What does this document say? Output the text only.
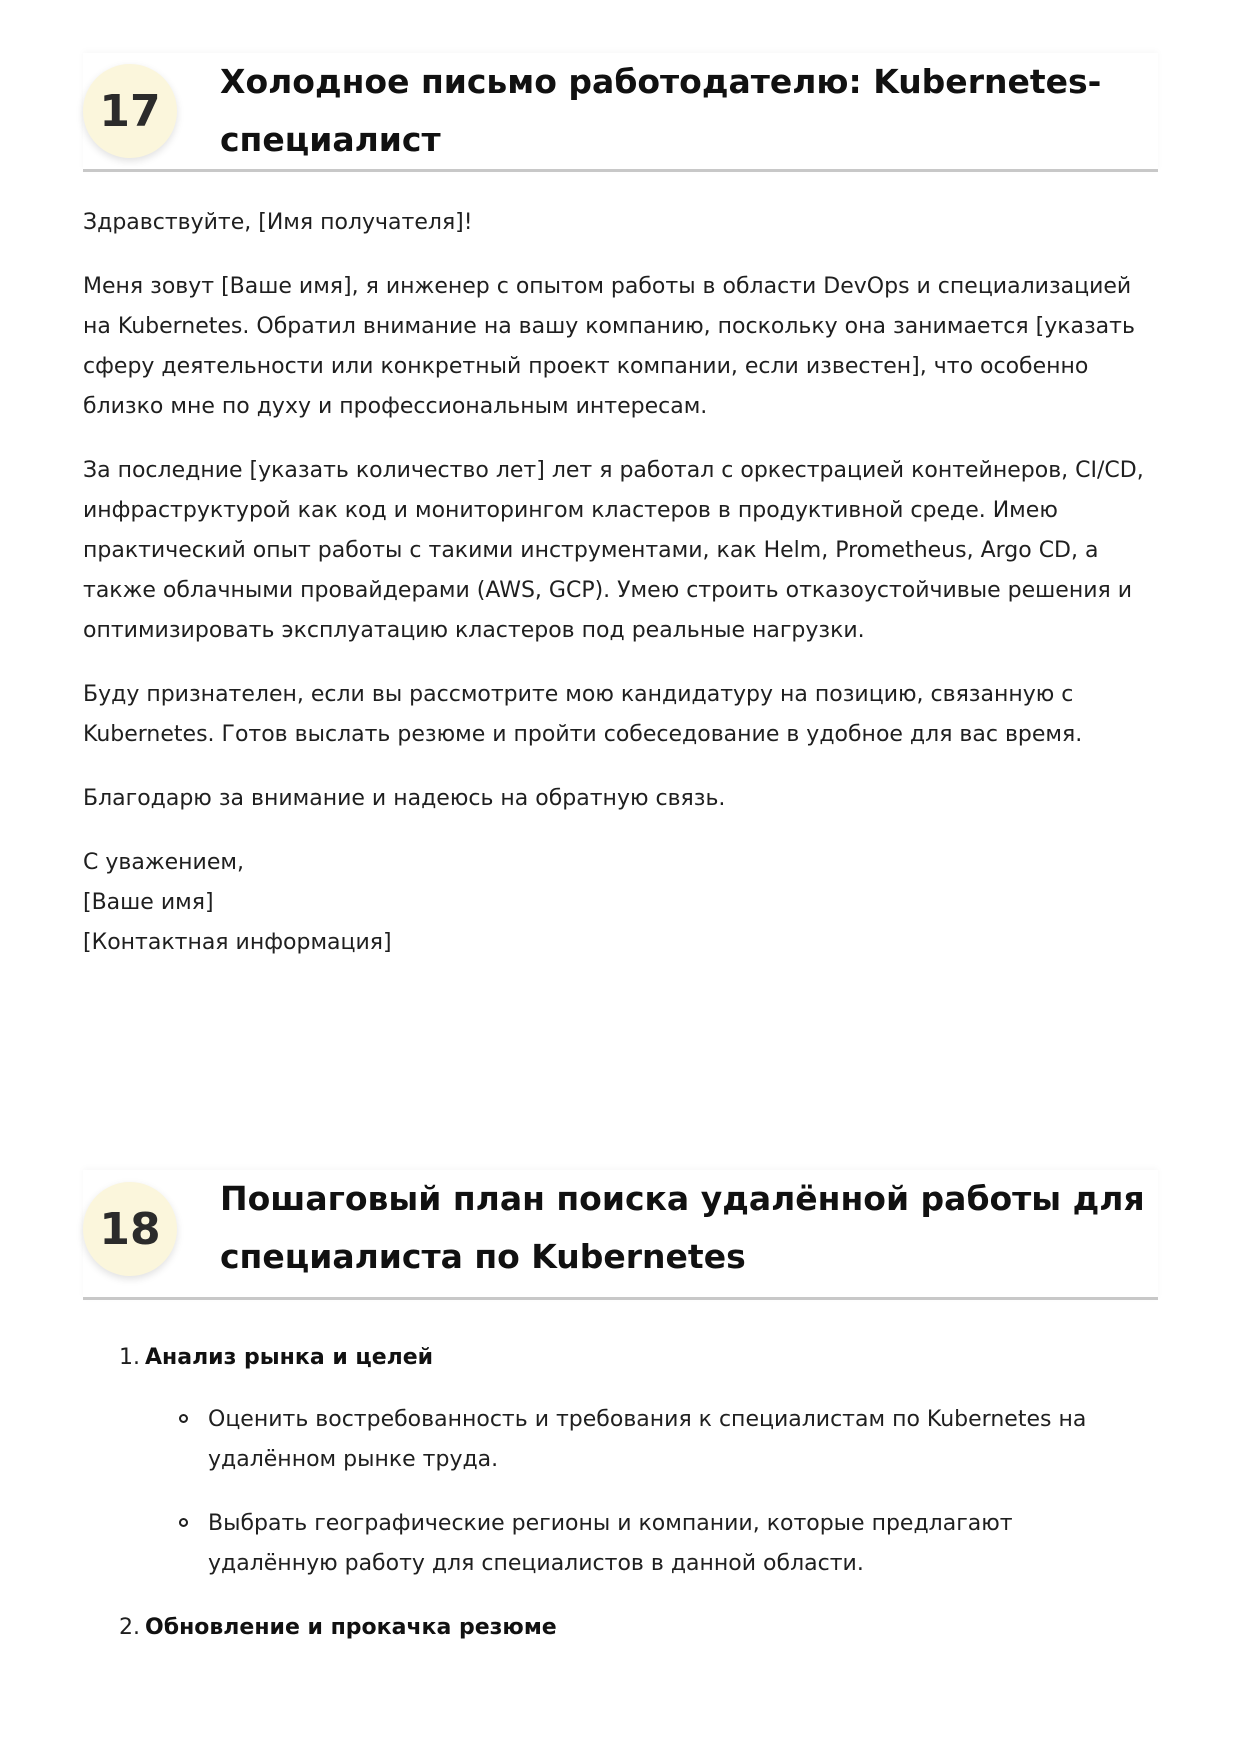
17
Холодное письмо работодателю: Kubernetes-специалист

Здравствуйте, [Имя получателя]!

Меня зовут [Ваше имя], я инженер с опытом работы в области DevOps и специализацией на Kubernetes. Обратил внимание на вашу компанию, поскольку она занимается [указать сферу деятельности или конкретный проект компании, если известен], что особенно близко мне по духу и профессиональным интересам.

За последние [указать количество лет] лет я работал с оркестрацией контейнеров, CI/CD, инфраструктурой как код и мониторингом кластеров в продуктивной среде. Имею практический опыт работы с такими инструментами, как Helm, Prometheus, Argo CD, а также облачными провайдерами (AWS, GCP). Умею строить отказоустойчивые решения и оптимизировать эксплуатацию кластеров под реальные нагрузки.

Буду признателен, если вы рассмотрите мою кандидатуру на позицию, связанную с Kubernetes. Готов выслать резюме и пройти собеседование в удобное для вас время.

Благодарю за внимание и надеюсь на обратную связь.

С уважением,
[Ваше имя]
[Контактная информация]

18
Пошаговый план поиска удалённой работы для специалиста по Kubernetes

1. Анализ рынка и целей

Оценить востребованность и требования к специалистам по Kubernetes на удалённом рынке труда.
Выбрать географические регионы и компании, которые предлагают удалённую работу для специалистов в данной области.

2. Обновление и прокачка резюме
